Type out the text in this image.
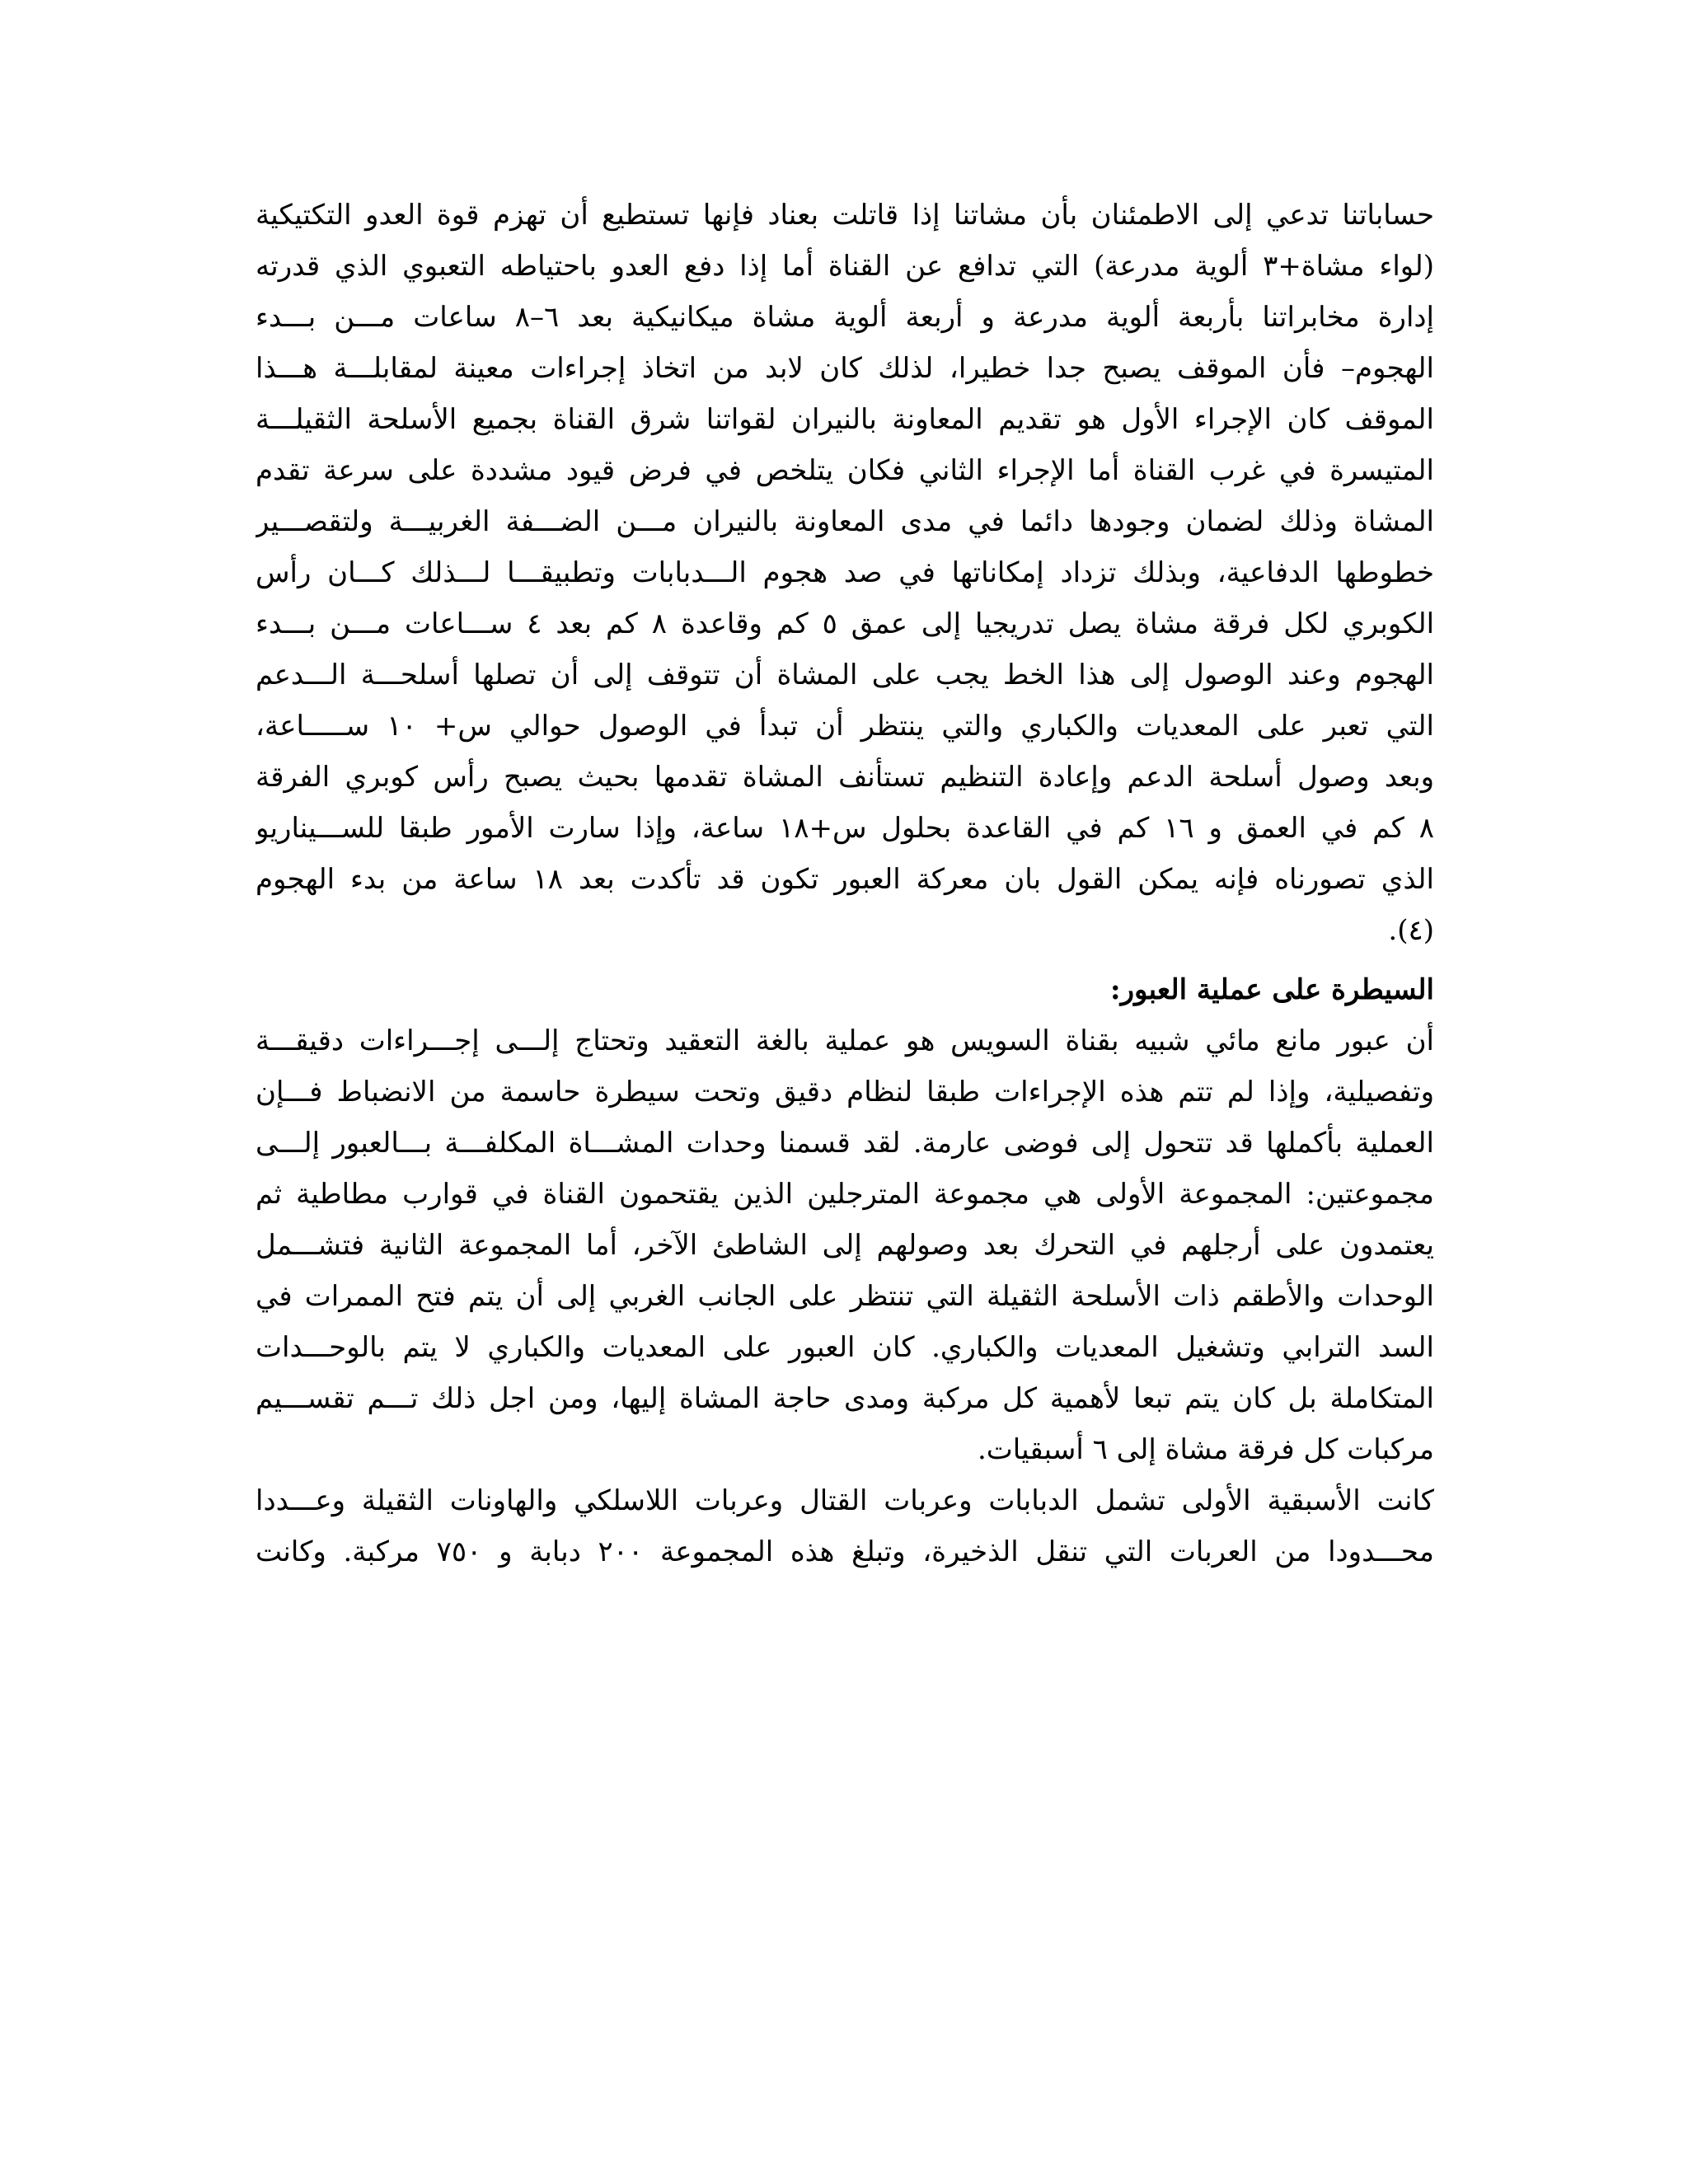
حساباتنا تدعي إلى الاطمئنان بأن مشاتنا إذا قاتلت بعناد فإنها تستطيع أن تهزم قوة العدو التكتيكية
(لواء مشاة+٣ ألوية مدرعة) التي تدافع عن القناة أما إذا دفع العدو باحتياطه التعبوي الذي قدرته
إدارة مخابراتنا بأربعة ألوية مدرعة و أربعة ألوية مشاة ميكانيكية بعد ٦–٨ ساعات مـــن بـــدء
الهجوم– فأن الموقف يصبح جدا خطيرا، لذلك كان لابد من اتخاذ إجراءات معينة لمقابلـــة هـــذا
الموقف كان الإجراء الأول هو تقديم المعاونة بالنيران لقواتنا شرق القناة بجميع الأسلحة الثقيلـــة
المتيسرة في غرب القناة أما الإجراء الثاني فكان يتلخص في فرض قيود مشددة على سرعة تقدم
المشاة وذلك لضمان وجودها دائما في مدى المعاونة بالنيران مـــن الضـــفة الغربيـــة ولتقصـــير
خطوطها الدفاعية، وبذلك تزداد إمكاناتها في صد هجوم الـــدبابات وتطبيقـــا لـــذلك كـــان رأس
الكوبري لكل فرقة مشاة يصل تدريجيا إلى عمق ٥ كم وقاعدة ٨ كم بعد ٤ ســـاعات مـــن بـــدء
الهجوم وعند الوصول إلى هذا الخط يجب على المشاة أن تتوقف إلى أن تصلها أسلحـــة الـــدعم
التي تعبر على المعديات والكباري والتي ينتظر أن تبدأ في الوصول حوالي س+ ١٠ ســـــاعة،
وبعد وصول أسلحة الدعم وإعادة التنظيم تستأنف المشاة تقدمها بحيث يصبح رأس كوبري الفرقة
٨ كم في العمق و ١٦ كم في القاعدة بحلول س+١٨ ساعة، وإذا سارت الأمور طبقا للســـيناريو
الذي تصورناه فإنه يمكن القول بان معركة العبور تكون قد تأكدت بعد ١٨ ساعة من بدء الهجوم
(٤).
السيطرة على عملية العبور:
أن عبور مانع مائي شبيه بقناة السويس هو عملية بالغة التعقيد وتحتاج إلـــى إجـــراءات دقيقـــة
وتفصيلية، وإذا لم تتم هذه الإجراءات طبقا لنظام دقيق وتحت سيطرة حاسمة من الانضباط فـــإن
العملية بأكملها قد تتحول إلى فوضى عارمة. لقد قسمنا وحدات المشـــاة المكلفـــة بـــالعبور إلـــى
مجموعتين: المجموعة الأولى هي مجموعة المترجلين الذين يقتحمون القناة في قوارب مطاطية ثم
يعتمدون على أرجلهم في التحرك بعد وصولهم إلى الشاطئ الآخر، أما المجموعة الثانية فتشـــمل
الوحدات والأطقم ذات الأسلحة الثقيلة التي تنتظر على الجانب الغربي إلى أن يتم فتح الممرات في
السد الترابي وتشغيل المعديات والكباري. كان العبور على المعديات والكباري لا يتم بالوحـــدات
المتكاملة بل كان يتم تبعا لأهمية كل مركبة ومدى حاجة المشاة إليها، ومن اجل ذلك تـــم تقســـيم
مركبات كل فرقة مشاة إلى ٦ أسبقيات.
كانت الأسبقية الأولى تشمل الدبابات وعربات القتال وعربات اللاسلكي والهاونات الثقيلة وعـــددا
محـــدودا من العربات التي تنقل الذخيرة، وتبلغ هذه المجموعة ٢٠٠ دبابة و ٧٥٠ مركبة. وكانت
